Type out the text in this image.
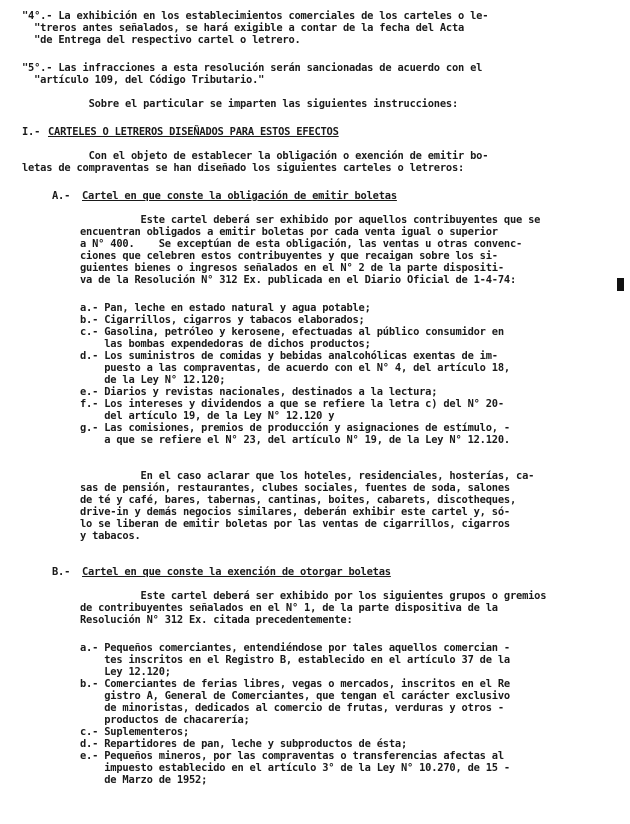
"4°.- La exhibición en los establecimientos comerciales de los carteles o le-
"treros antes señalados, se hará exigible a contar de la fecha del Acta
"de Entrega del respectivo cartel o letrero.
"5°.- Las infracciones a esta resolución serán sancionadas de acuerdo con el
"artículo 109, del Código Tributario."
Sobre el particular se imparten las siguientes instrucciones:
I.- CARTELES O LETREROS DISEÑADOS PARA ESTOS EFECTOS
Con el objeto de establecer la obligación o exención de emitir bo-
letas de compraventas se han diseñado los siguientes carteles o letreros:
A.- Cartel en que conste la obligación de emitir boletas
Este cartel deberá ser exhibido por aquellos contribuyentes que se
encuentran obligados a emitir boletas por cada venta igual o superior
a N° 400.    Se exceptúan de esta obligación, las ventas u otras convenc-
ciones que celebren estos contribuyentes y que recaigan sobre los si-
guientes bienes o ingresos señalados en el N° 2 de la parte dispositi-
va de la Resolución N° 312 Ex. publicada en el Diario Oficial de 1-4-74:
a.- Pan, leche en estado natural y agua potable;
b.- Cigarrillos, cigarros y tabacos elaborados;
c.- Gasolina, petróleo y kerosene, efectuadas al público consumidor en
las bombas expendedoras de dichos productos;
d.- Los suministros de comidas y bebidas analcohólicas exentas de im-
puesto a las compraventas, de acuerdo con el N° 4, del artículo 18,
de la Ley N° 12.120;
e.- Diarios y revistas nacionales, destinados a la lectura;
f.- Los intereses y dividendos a que se refiere la letra c) del N° 20-
del artículo 19, de la Ley N° 12.120 y
g.- Las comisiones, premios de producción y asignaciones de estímulo, -
a que se refiere el N° 23, del artículo N° 19, de la Ley N° 12.120.
En el caso aclarar que los hoteles, residenciales, hosterías, ca-
sas de pensión, restaurantes, clubes sociales, fuentes de soda, salones
de té y café, bares, tabernas, cantinas, boites, cabarets, discotheques,
drive-in y demás negocios similares, deberán exhibir este cartel y, só-
lo se liberan de emitir boletas por las ventas de cigarrillos, cigarros
y tabacos.
B.- Cartel en que conste la exención de otorgar boletas
Este cartel deberá ser exhibido por los siguientes grupos o gremios
de contribuyentes señalados en el N° 1, de la parte dispositiva de la
Resolución N° 312 Ex. citada precedentemente:
a.- Pequeños comerciantes, entendiéndose por tales aquellos comercian -
tes inscritos en el Registro B, establecido en el artículo 37 de la
Ley 12.120;
b.- Comerciantes de ferias libres, vegas o mercados, inscritos en el Re
gistro A, General de Comerciantes, que tengan el carácter exclusivo
de minoristas, dedicados al comercio de frutas, verduras y otros -
productos de chacarería;
c.- Suplementeros;
d.- Repartidores de pan, leche y subproductos de ésta;
e.- Pequeños mineros, por las compraventas o transferencias afectas al
impuesto establecido en el artículo 3° de la Ley N° 10.270, de 15 -
de Marzo de 1952;
